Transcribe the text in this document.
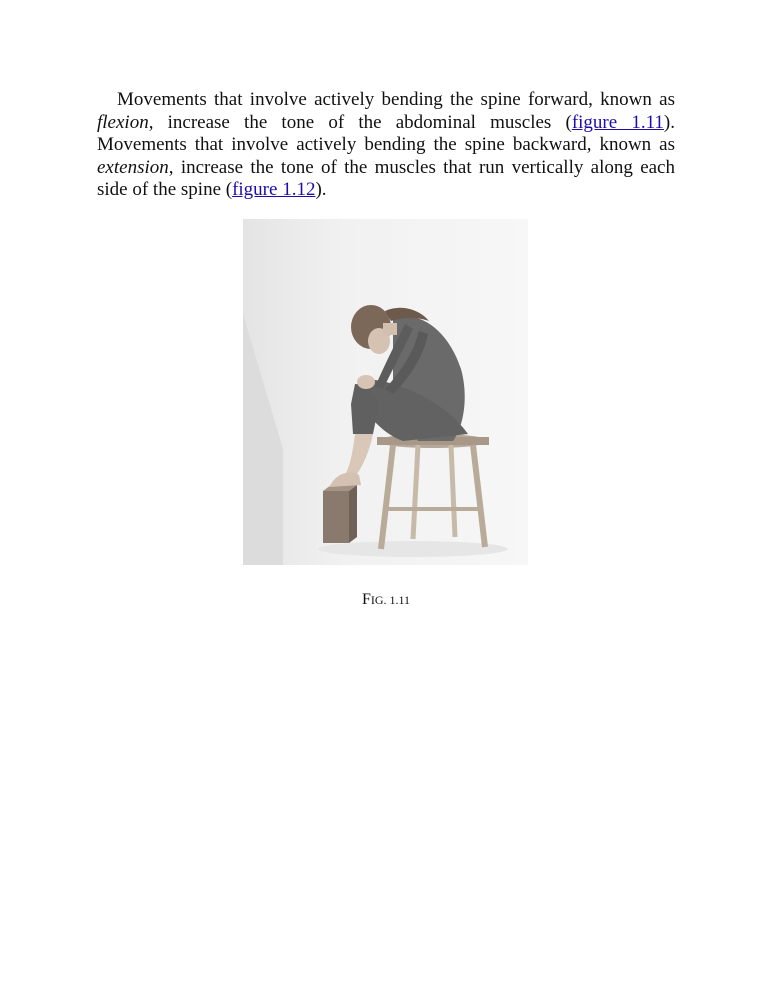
Movements that involve actively bending the spine forward, known as flexion, increase the tone of the abdominal muscles (figure 1.11). Movements that involve actively bending the spine backward, known as extension, increase the tone of the muscles that run vertically along each side of the spine (figure 1.12).

FIG. 1.11
